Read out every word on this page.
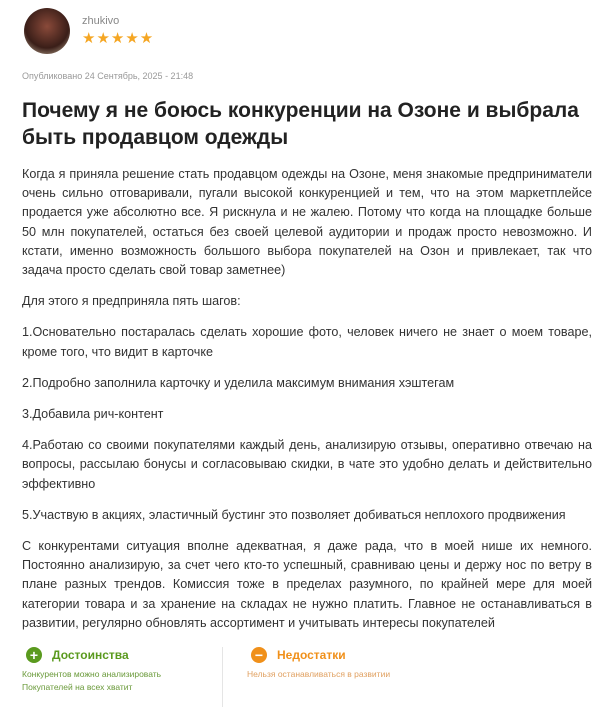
zhukivo
★★★★★
Опубликовано 24 Сентябрь, 2025 - 21:48
Почему я не боюсь конкуренции на Озоне и выбрала быть продавцом одежды

Когда я приняла решение стать продавцом одежды на Озоне, меня знакомые предприниматели очень сильно отговаривали, пугали высокой конкуренцией и тем, что на этом маркетплейсе продается уже абсолютно все. Я рискнула и не жалею. Потому что когда на площадке больше 50 млн покупателей, остаться без своей целевой аудитории и продаж просто невозможно. И кстати, именно возможность большого выбора покупателей на Озон и привлекает, так что задача просто сделать свой товар заметнее)

Для этого я предприняла пять шагов:

1.Основательно постаралась сделать хорошие фото, человек ничего не знает о моем товаре, кроме того, что видит в карточке

2.Подробно заполнила карточку и уделила максимум внимания хэштегам

3.Добавила рич-контент

4.Работаю со своими покупателями каждый день, анализирую отзывы, оперативно отвечаю на вопросы, рассылаю бонусы и согласовываю скидки, в чате это удобно делать и действительно эффективно

5.Участвую в акциях, эластичный бустинг это позволяет добиваться неплохого продвижения

С конкурентами ситуация вполне адекватная, я даже рада, что в моей нише их немного. Постоянно анализирую, за счет чего кто-то успешный, сравниваю цены и держу нос по ветру в плане разных трендов. Комиссия тоже в пределах разумного, по крайней мере для моей категории товара и за хранение на складах не нужно платить. Главное не останавливаться в развитии, регулярно обновлять ассортимент и учитывать интересы покупателей

+	Достоинства
Конкурентов можно анализировать
Покупателей на всех хватит
−	Недостатки
Нельзя останавливаться в развитии
